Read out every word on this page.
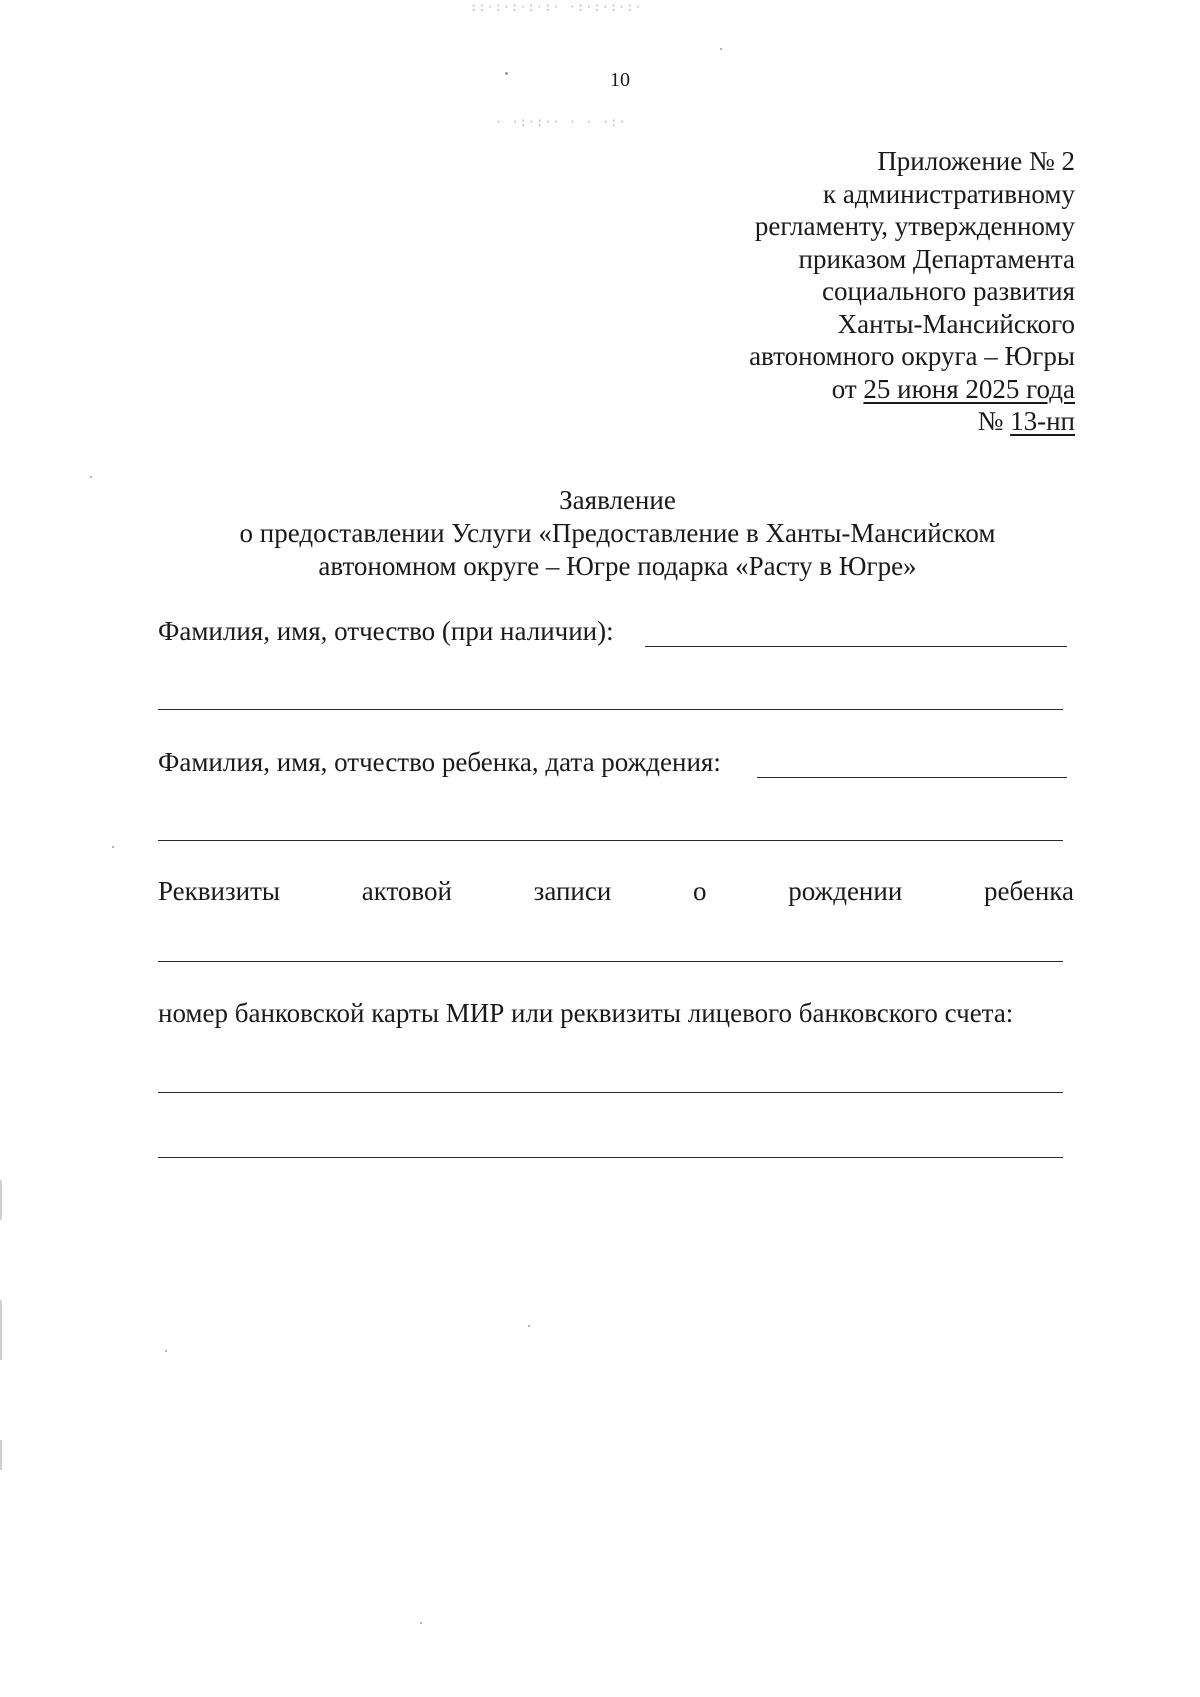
::·:·:·:·:· ·:·:·:·:·
· ·:·:·· · · ·:·
10
Приложение № 2
к административному
регламенту, утвержденному
приказом Департамента
социального развития
Ханты-Мансийского
автономного округа – Югры
от 25 июня 2025 года
№ 13-нп
Заявление
о предоставлении Услуги «Предоставление в Ханты-Мансийском
автономном округе – Югре подарка «Расту в Югре»
Фамилия, имя, отчество (при наличии):
Фамилия, имя, отчество ребенка, дата рождения:
Реквизиты	актовой	записи	о	рождении	ребенка
номер банковской карты МИР или реквизиты лицевого банковского счета:
